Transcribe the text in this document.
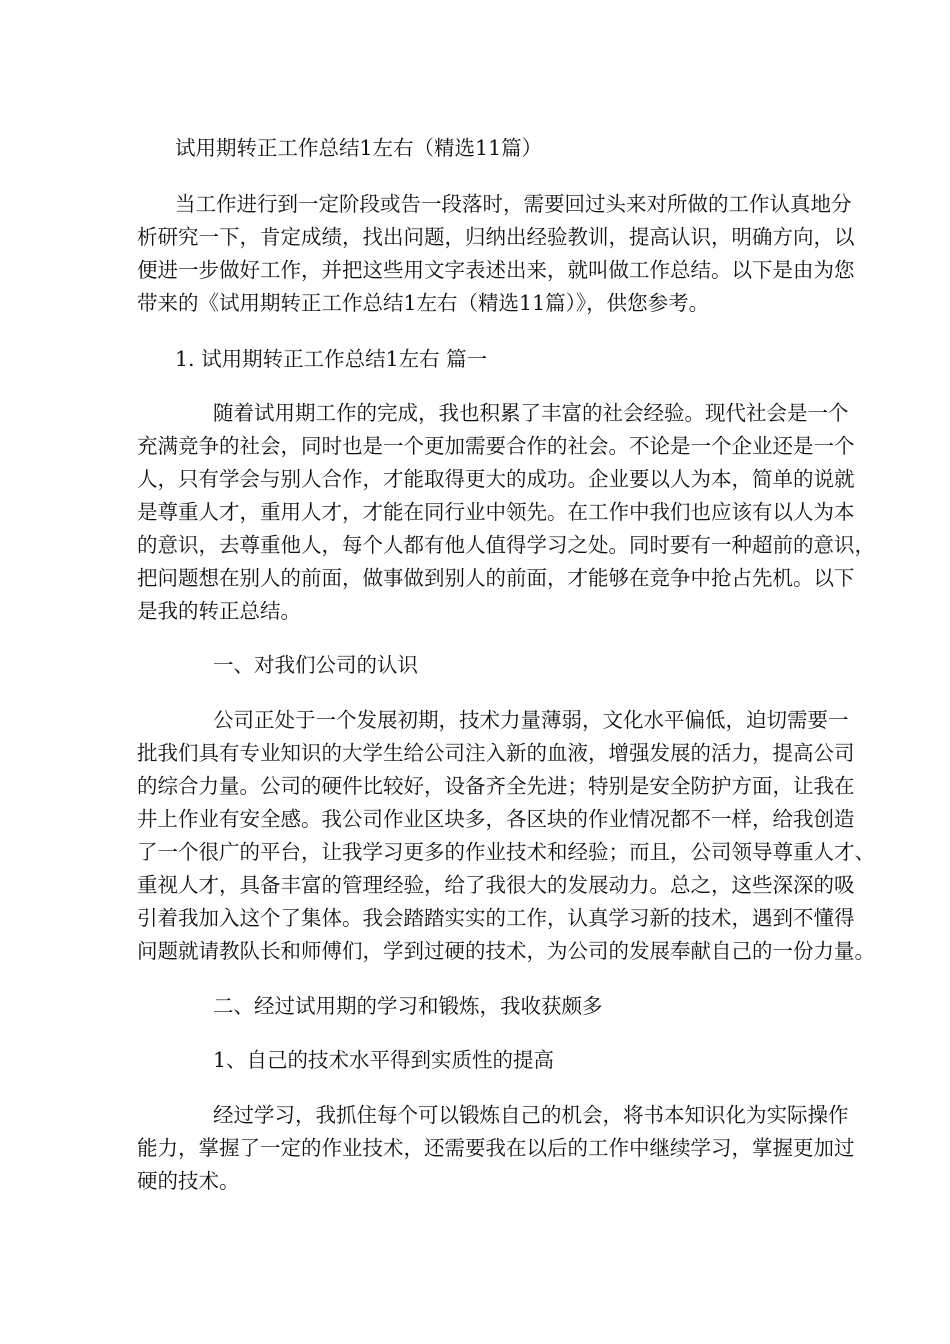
试用期转正工作总结1左右（精选11篇）

当工作进行到一定阶段或告一段落时，需要回过头来对所做的工作认真地分

析研究一下，肯定成绩，找出问题，归纳出经验教训，提高认识，明确方向，以

便进一步做好工作，并把这些用文字表述出来，就叫做工作总结。以下是由为您

带来的《试用期转正工作总结1左右（精选11篇）》，供您参考。

1. 试用期转正工作总结1左右 篇一

随着试用期工作的完成，我也积累了丰富的社会经验。现代社会是一个

充满竞争的社会，同时也是一个更加需要合作的社会。不论是一个企业还是一个

人，只有学会与别人合作，才能取得更大的成功。企业要以人为本，简单的说就

是尊重人才，重用人才，才能在同行业中领先。在工作中我们也应该有以人为本

的意识，去尊重他人，每个人都有他人值得学习之处。同时要有一种超前的意识，

把问题想在别人的前面，做事做到别人的前面，才能够在竞争中抢占先机。以下

是我的转正总结。

一、对我们公司的认识

公司正处于一个发展初期，技术力量薄弱，文化水平偏低，迫切需要一

批我们具有专业知识的大学生给公司注入新的血液，增强发展的活力，提高公司

的综合力量。公司的硬件比较好，设备齐全先进；特别是安全防护方面，让我在

井上作业有安全感。我公司作业区块多，各区块的作业情况都不一样，给我创造

了一个很广的平台，让我学习更多的作业技术和经验；而且，公司领导尊重人才、

重视人才，具备丰富的管理经验，给了我很大的发展动力。总之，这些深深的吸

引着我加入这个了集体。我会踏踏实实的工作，认真学习新的技术，遇到不懂得

问题就请教队长和师傅们，学到过硬的技术，为公司的发展奉献自己的一份力量。

二、经过试用期的学习和锻炼，我收获颇多

1、自己的技术水平得到实质性的提高

经过学习，我抓住每个可以锻炼自己的机会，将书本知识化为实际操作

能力，掌握了一定的作业技术，还需要我在以后的工作中继续学习，掌握更加过

硬的技术。
